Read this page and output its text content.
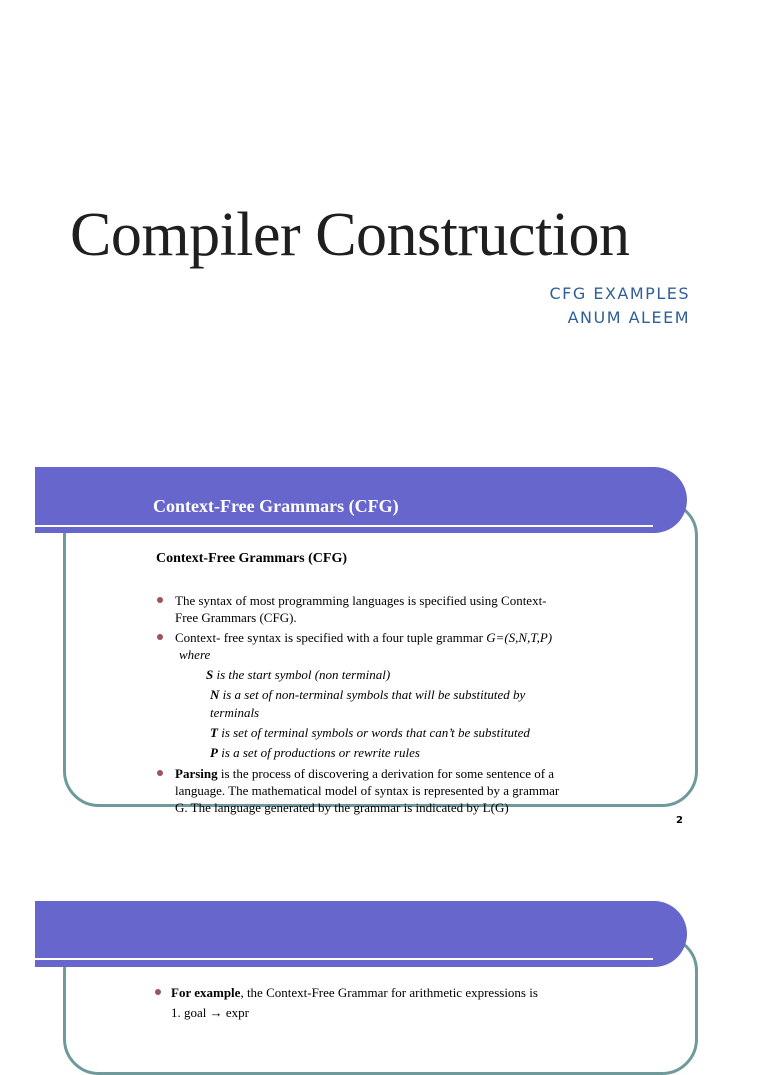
Compiler Construction
CFG EXAMPLES
ANUM ALEEM
Context-Free Grammars (CFG)
Context-Free Grammars (CFG)
The syntax of most programming languages is specified using Context-
Free Grammars (CFG).
Context- free syntax is specified with a four tuple grammar G=(S,N,T,P)
where
S is the start symbol (non terminal)
N is a set of non-terminal symbols that will be substituted by
terminals
T is set of terminal symbols or words that can’t be substituted
P is a set of productions or rewrite rules
Parsing is the process of discovering a derivation for some sentence of a
language. The mathematical model of syntax is represented by a grammar
G. The language generated by the grammar is indicated by L(G)
2
For example, the Context-Free Grammar for arithmetic expressions is
1. goal → expr
